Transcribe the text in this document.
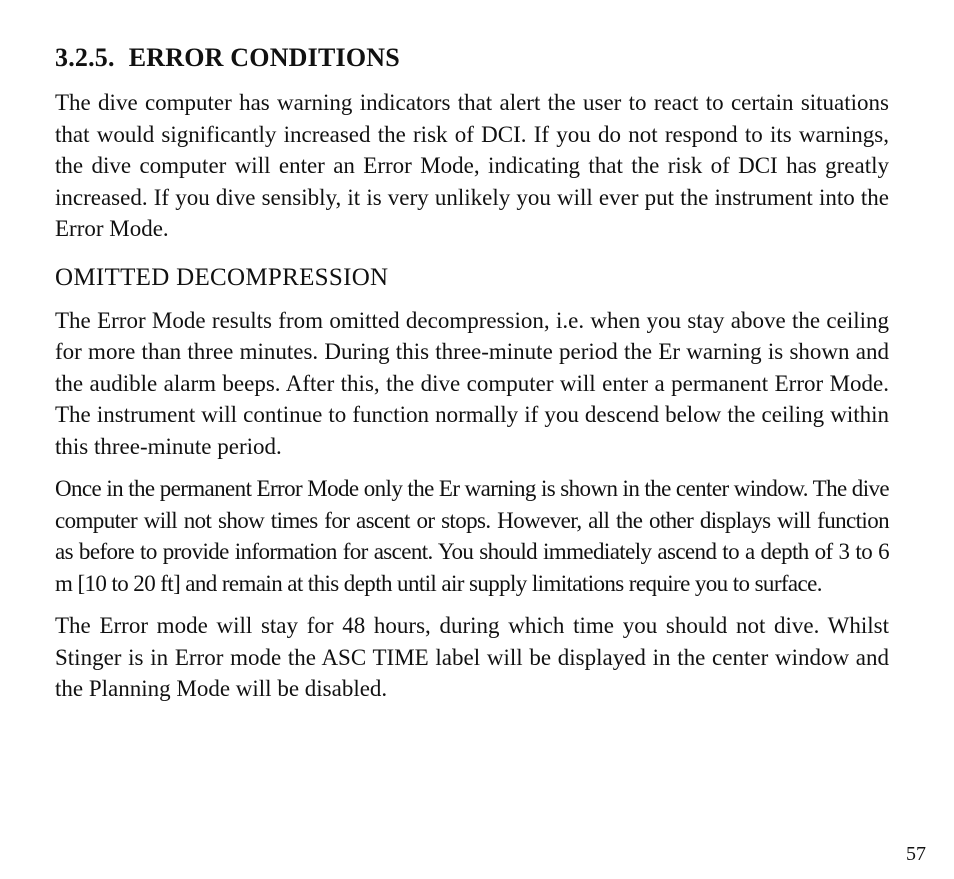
3.2.5. ERROR CONDITIONS

The dive computer has warning indicators that alert the user to react to certain situations that would significantly increased the risk of DCI. If you do not respond to its warnings, the dive computer will enter an Error Mode, indicating that the risk of DCI has greatly increased. If you dive sensibly, it is very unlikely you will ever put the instrument into the Error Mode.

OMITTED DECOMPRESSION

The Error Mode results from omitted decompression, i.e. when you stay above the ceiling for more than three minutes. During this three-minute period the Er warning is shown and the audible alarm beeps. After this, the dive computer will enter a permanent Error Mode. The instrument will continue to function normally if you descend below the ceiling within this three-minute period.

Once in the permanent Error Mode only the Er warning is shown in the center window. The dive computer will not show times for ascent or stops. However, all the other displays will function as before to provide information for ascent. You should immediately ascend to a depth of 3 to 6 m [10 to 20 ft] and remain at this depth until air supply limitations require you to surface.

The Error mode will stay for 48 hours, during which time you should not dive. Whilst Stinger is in Error mode the ASC TIME label will be displayed in the center window and the Planning Mode will be disabled.

57
